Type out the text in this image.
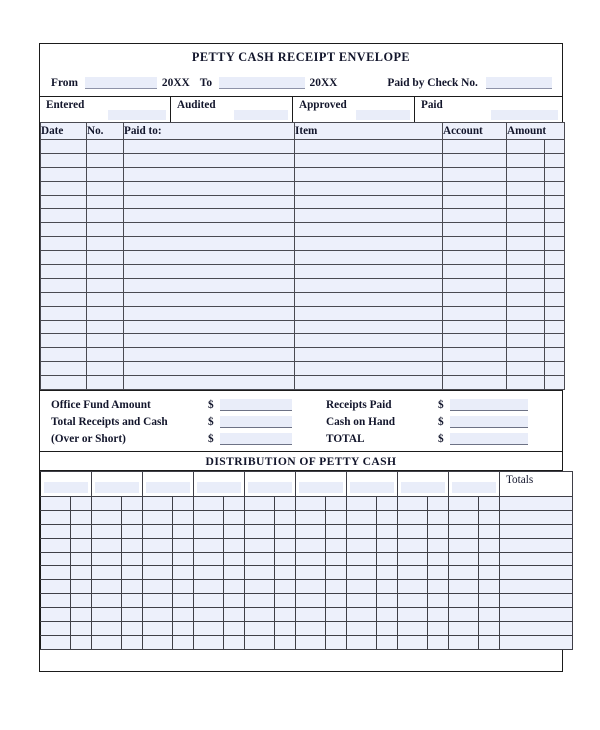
PETTY CASH RECEIPT ENVELOPE
From	20XX To	20XX	Paid by Check No.
Entered	Audited	Approved	Paid
Date	No.	Paid to:	Item	Account	Amount	

Office Fund Amount	$	Receipts Paid	$
Total Receipts and Cash	$	Cash on Hand	$
(Over or Short)	$	TOTAL	$
DISTRIBUTION OF PETTY CASH

										Totals
